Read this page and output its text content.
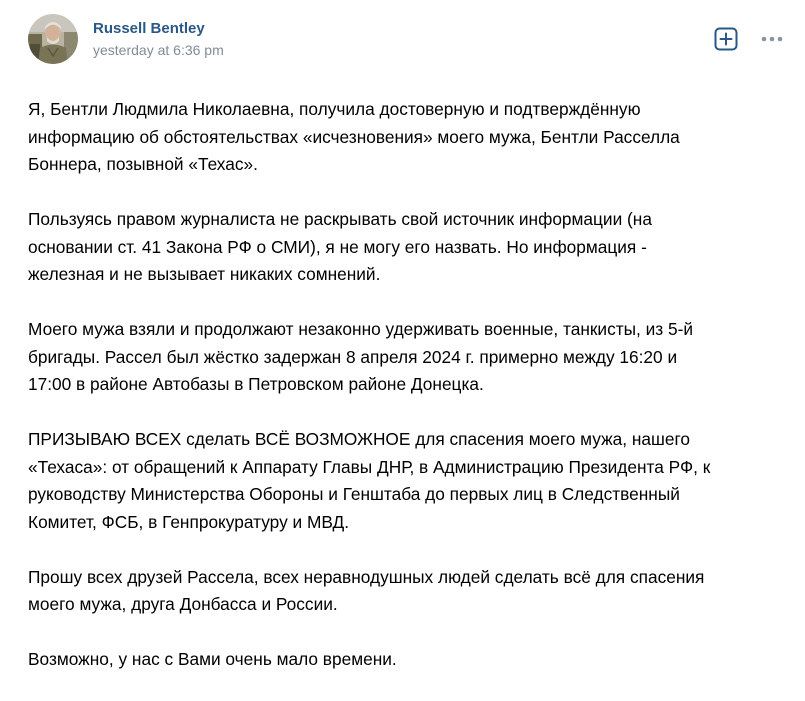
Russell Bentley
yesterday at 6:36 pm

Я, Бентли Людмила Николаевна, получила достоверную и подтверждённую
информацию об обстоятельствах «исчезновения» моего мужа, Бентли Расселла
Боннера, позывной «Техас».

Пользуясь правом журналиста не раскрывать свой источник информации (на
основании ст. 41 Закона РФ о СМИ), я не могу его назвать. Но информация -
железная и не вызывает никаких сомнений.

Моего мужа взяли и продолжают незаконно удерживать военные, танкисты, из 5-й
бригады. Рассел был жёстко задержан 8 апреля 2024 г. примерно между 16:20 и
17:00 в районе Автобазы в Петровском районе Донецка.

ПРИЗЫВАЮ ВСЕХ сделать ВСЁ ВОЗМОЖНОЕ для спасения моего мужа, нашего
«Техаса»: от обращений к Аппарату Главы ДНР, в Администрацию Президента РФ, к
руководству Министерства Обороны и Генштаба до первых лиц в Следственный
Комитет, ФСБ, в Генпрокуратуру и МВД.

Прошу всех друзей Рассела, всех неравнодушных людей сделать всё для спасения
моего мужа, друга Донбасса и России.

Возможно, у нас с Вами очень мало времени.
